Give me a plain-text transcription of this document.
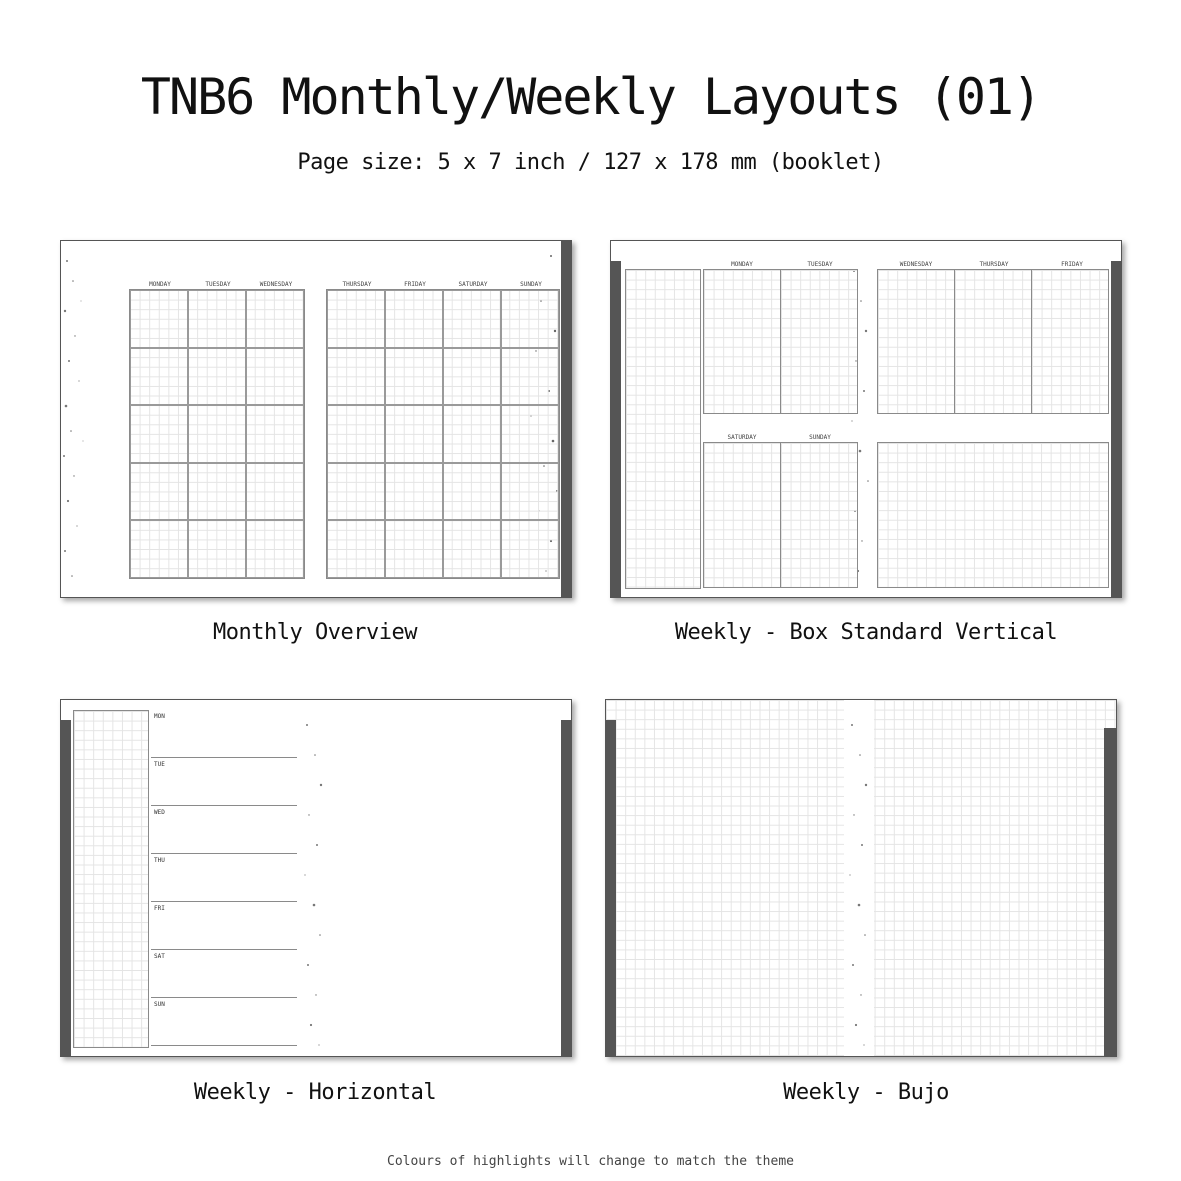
TNB6 Monthly/Weekly Layouts (01)
Page size: 5 x 7 inch / 127 x 178 mm (booklet)
MONDAY	TUESDAY	WEDNESDAY	THURSDAY	FRIDAY	SATURDAY	SUNDAY
Monthly Overview
MONDAY	TUESDAY	WEDNESDAY	THURSDAY	FRIDAY
SATURDAY	SUNDAY
Weekly - Box Standard Vertical
MON
TUE
WED
THU
FRI
SAT
SUN
Weekly - Horizontal	Weekly - Bujo
Colours of highlights will change to match the theme
